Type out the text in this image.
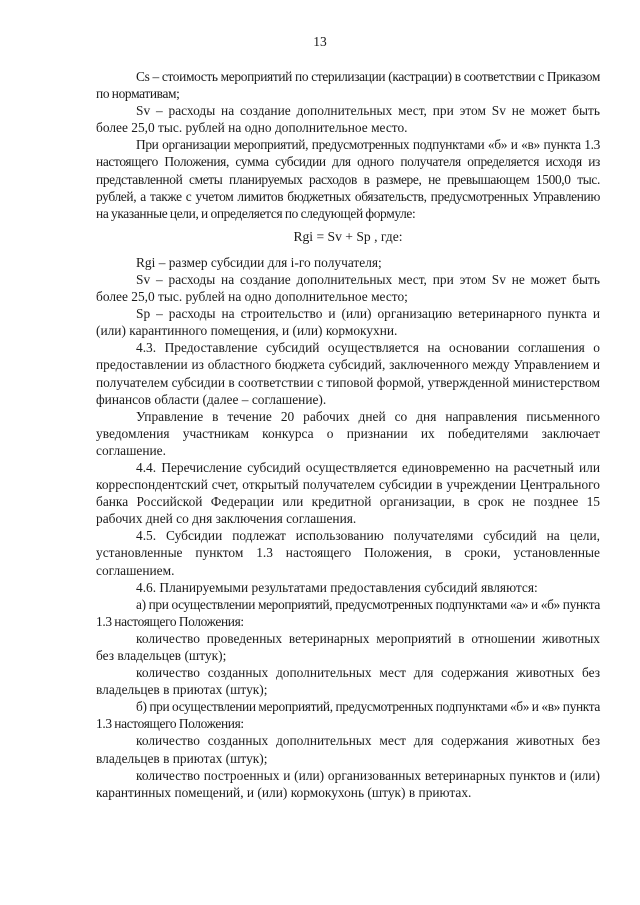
13

Cs – стоимость мероприятий по стерилизации (кастрации) в соответствии с Приказом по нормативам;

Sv – расходы на создание дополнительных мест, при этом Sv не может быть более 25,0 тыс. рублей на одно дополнительное место.

При организации мероприятий, предусмотренных подпунктами «б» и «в» пункта 1.3 настоящего Положения, сумма субсидии для одного получателя определяется исходя из представленной сметы планируемых расходов в размере, не превышающем 1500,0 тыс. рублей, а также с учетом лимитов бюджетных обязательств, предусмотренных Управлению на указанные цели, и определяется по следующей формуле:

Rgi = Sv + Sp , где:

Rgi – размер субсидии для i-го получателя;

Sv – расходы на создание дополнительных мест, при этом Sv не может быть более 25,0 тыс. рублей на одно дополнительное место;

Sp – расходы на строительство и (или) организацию ветеринарного пункта и (или) карантинного помещения, и (или) кормокухни.

4.3. Предоставление субсидий осуществляется на основании соглашения о предоставлении из областного бюджета субсидий, заключенного между Управлением и получателем субсидии в соответствии с типовой формой, утвержденной министерством финансов области (далее – соглашение).

Управление в течение 20 рабочих дней со дня направления письменного уведомления участникам конкурса о признании их победителями заключает соглашение.

4.4. Перечисление субсидий осуществляется единовременно на расчетный или корреспондентский счет, открытый получателем субсидии в учреждении Центрального банка Российской Федерации или кредитной организации, в срок не позднее 15 рабочих дней со дня заключения соглашения.

4.5. Субсидии подлежат использованию получателями субсидий на цели, установленные пунктом 1.3 настоящего Положения, в сроки, установленные соглашением.

4.6. Планируемыми результатами предоставления субсидий являются:

а) при осуществлении мероприятий, предусмотренных подпунктами «а» и «б» пункта 1.3 настоящего Положения:

количество проведенных ветеринарных мероприятий в отношении животных без владельцев (штук);

количество созданных дополнительных мест для содержания животных без владельцев в приютах (штук);

б) при осуществлении мероприятий, предусмотренных подпунктами «б» и «в» пункта 1.3 настоящего Положения:

количество созданных дополнительных мест для содержания животных без владельцев в приютах (штук);

количество построенных и (или) организованных ветеринарных пунктов и (или) карантинных помещений, и (или) кормокухонь (штук) в приютах.
